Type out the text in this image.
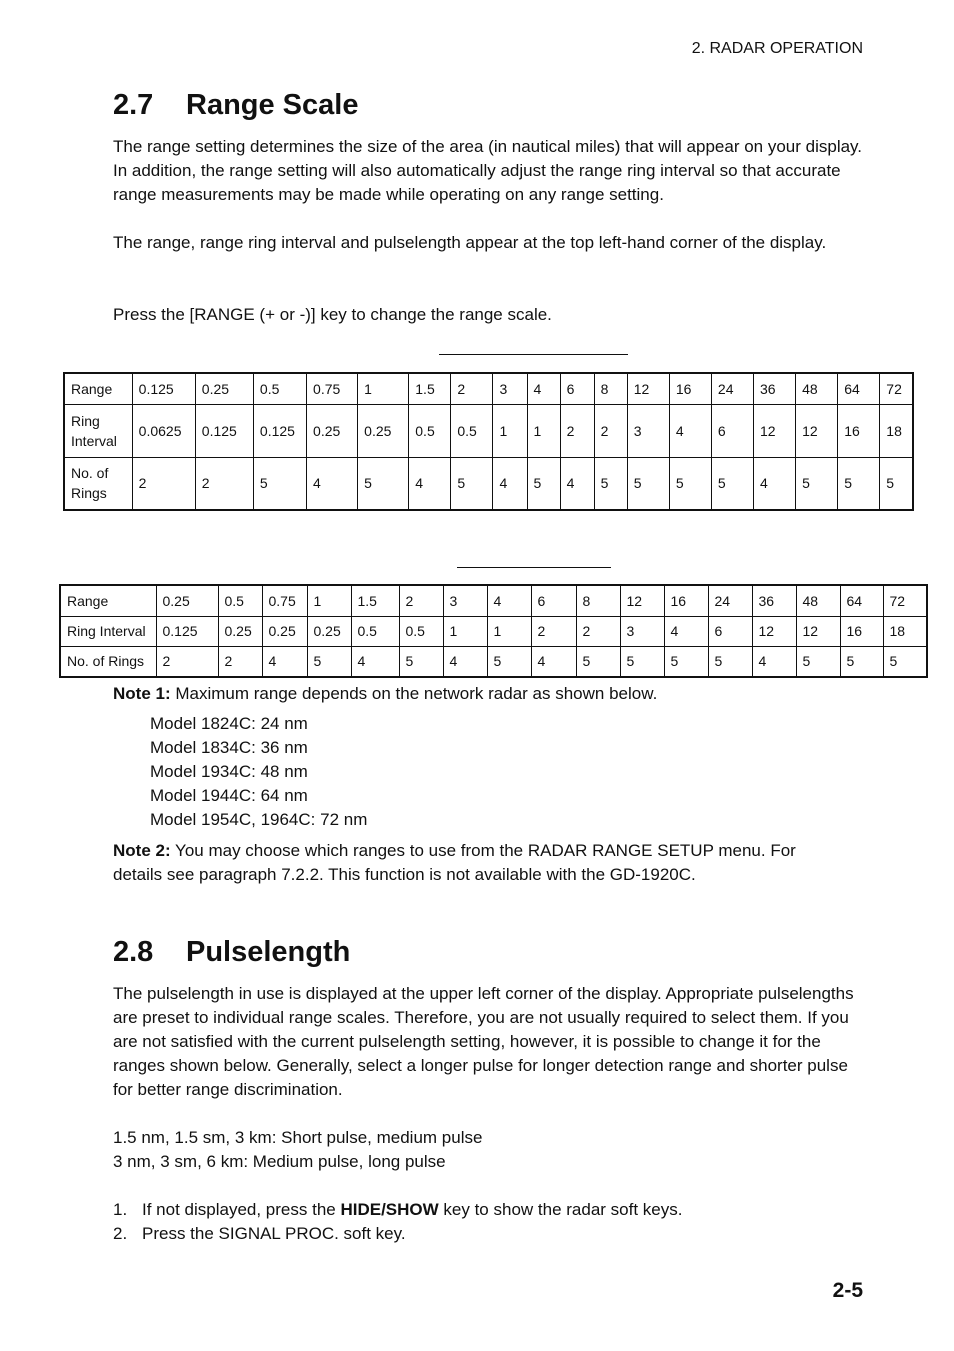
2. RADAR OPERATION
2.7 Range Scale

The range setting determines the size of the area (in nautical miles) that will appear on your display. In addition, the range setting will also automatically adjust the range ring interval so that accurate range measurements may be made while operating on any range setting.

The range, range ring interval and pulselength appear at the top left-hand corner of the display.

Press the [RANGE (+ or -)] key to change the range scale.

Range	0.125	0.25	0.5	0.75	1	1.5	2	3	4	6	8	12	16	24	36	48	64	72
Ring Interval	0.0625	0.125	0.125	0.25	0.25	0.5	0.5	1	1	2	2	3	4	6	12	12	16	18
No. of Rings	2	2	5	4	5	4	5	4	5	4	5	5	5	5	4	5	5	5
Range	0.25	0.5	0.75	1	1.5	2	3	4	6	8	12	16	24	36	48	64	72
Ring Interval	0.125	0.25	0.25	0.25	0.5	0.5	1	1	2	2	3	4	6	12	12	16	18
No. of Rings	2	2	4	5	4	5	4	5	4	5	5	5	5	4	5	5	5
Note 1: Maximum range depends on the network radar as shown below.
Model 1824C: 24 nm
Model 1834C: 36 nm
Model 1934C: 48 nm
Model 1944C: 64 nm
Model 1954C, 1964C: 72 nm
Note 2: You may choose which ranges to use from the RADAR RANGE SETUP menu. For
details see paragraph 7.2.2. This function is not available with the GD-1920C.
2.8 Pulselength

The pulselength in use is displayed at the upper left corner of the display. Appropriate pulselengths are preset to individual range scales. Therefore, you are not usually required to select them. If you are not satisfied with the current pulselength setting, however, it is possible to change it for the ranges shown below. Generally, select a longer pulse for longer detection range and shorter pulse for better range discrimination.

1.5 nm, 1.5 sm, 3 km: Short pulse, medium pulse
3 nm, 3 sm, 6 km: Medium pulse, long pulse
1. If not displayed, press the HIDE/SHOW key to show the radar soft keys.
2. Press the SIGNAL PROC. soft key.
2-5
